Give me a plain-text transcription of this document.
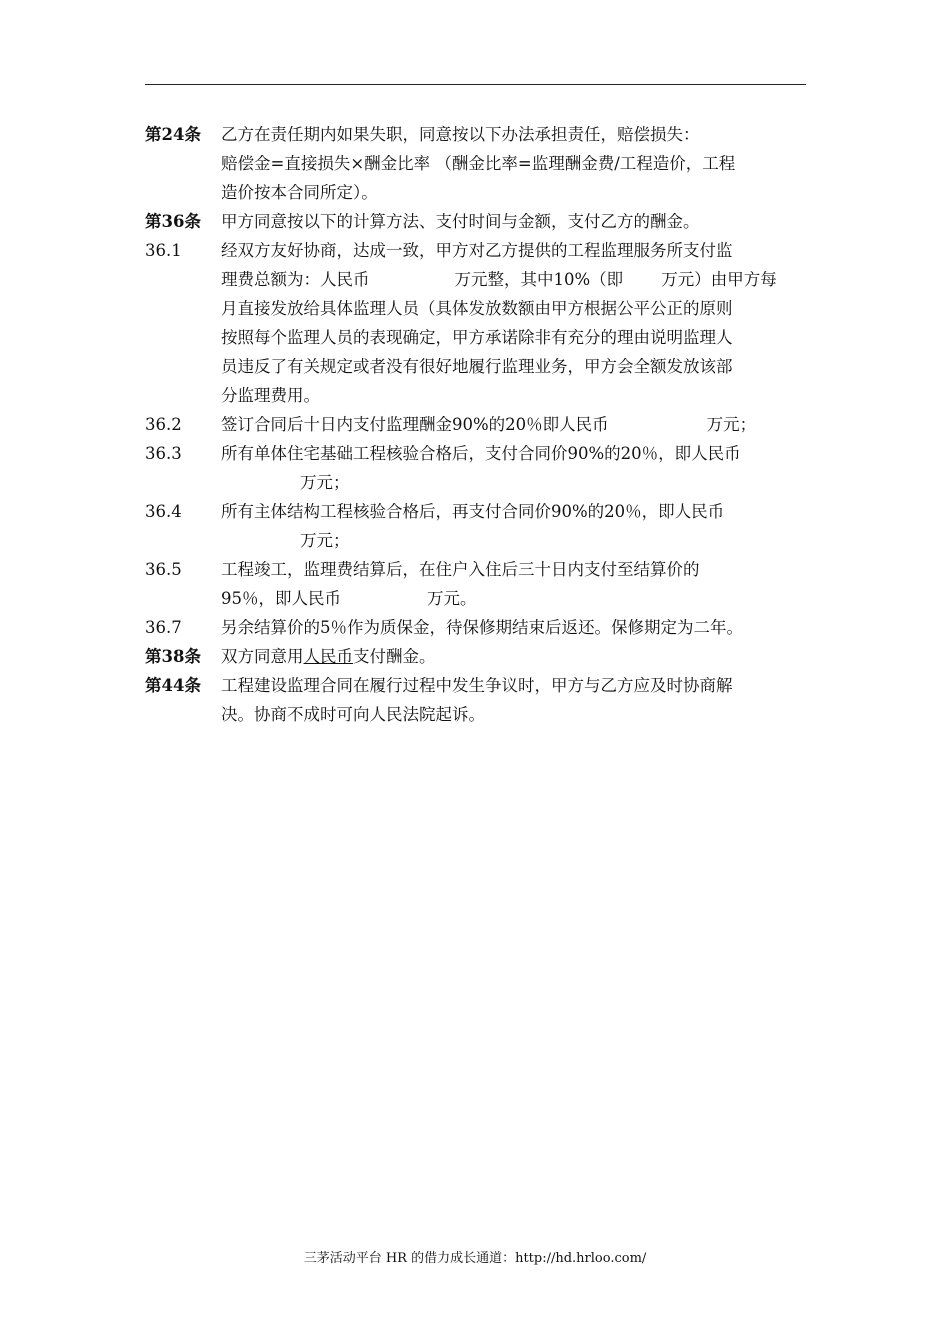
第24条	乙方在责任期内如果失职，同意按以下办法承担责任，赔偿损失：
赔偿金=直接损失×酬金比率 （酬金比率=监理酬金费/工程造价，工程
造价按本合同所定）。
第36条	甲方同意按以下的计算方法、支付时间与金额，支付乙方的酬金。
36.1	经双方友好协商，达成一致，甲方对乙方提供的工程监理服务所支付监
理费总额为：人民币	万元整，其中10%（即 万元）由甲方每
月直接发放给具体监理人员（具体发放数额由甲方根据公平公正的原则
按照每个监理人员的表现确定，甲方承诺除非有充分的理由说明监理人
员违反了有关规定或者没有很好地履行监理业务，甲方会全额发放该部
分监理费用。
36.2	签订合同后十日内支付监理酬金90%的20％即人民币	万元；
36.3	所有单体住宅基础工程核验合格后，支付合同价90%的20％，即人民币
万元；
36.4	所有主体结构工程核验合格后，再支付合同价90%的20％，即人民币
万元；
36.5	工程竣工，监理费结算后，在住户入住后三十日内支付至结算价的
95％，即人民币	万元。
36.7	另余结算价的5％作为质保金，待保修期结束后返还。保修期定为二年。
第38条	双方同意用人民币支付酬金。
第44条	工程建设监理合同在履行过程中发生争议时，甲方与乙方应及时协商解
决。协商不成时可向人民法院起诉。
三茅活动平台 HR 的借力成长通道：http://hd.hrloo.com/
